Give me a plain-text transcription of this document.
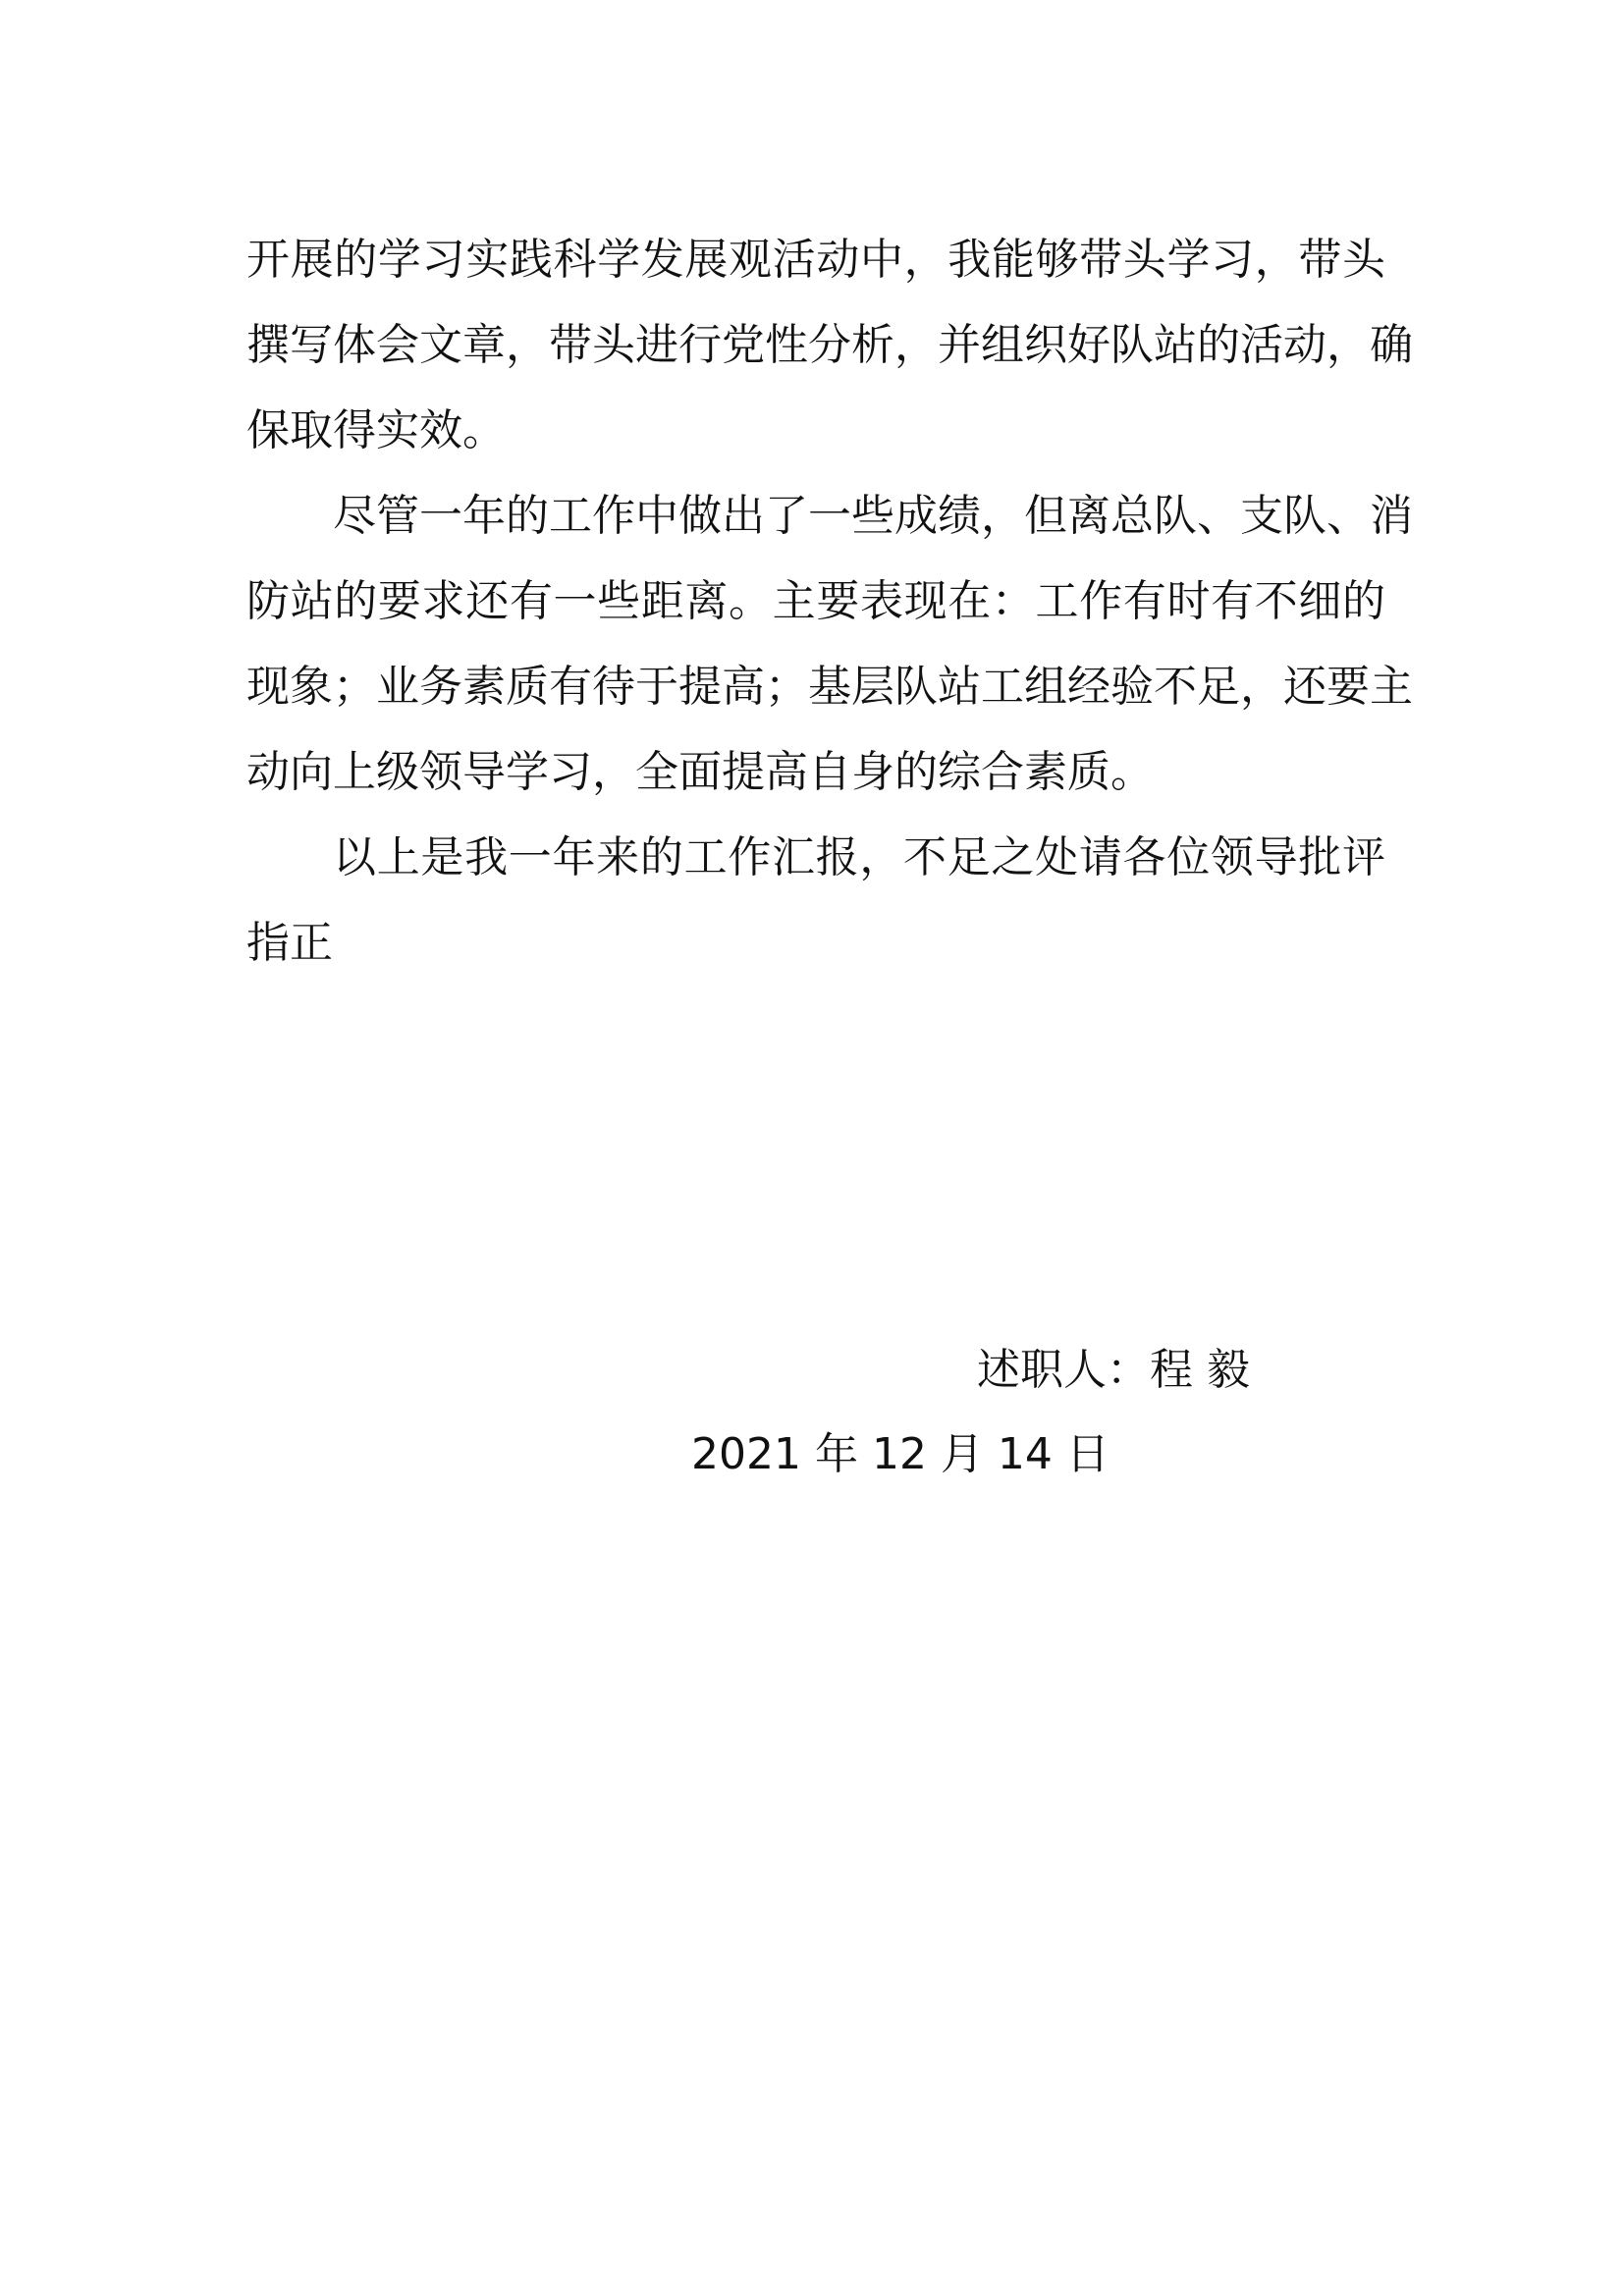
开展的学习实践科学发展观活动中，我能够带头学习，带头
撰写体会文章，带头进行党性分析，并组织好队站的活动，确
保取得实效。
尽管一年的工作中做出了一些成绩，但离总队、支队、消
防站的要求还有一些距离。主要表现在：工作有时有不细的
现象；业务素质有待于提高；基层队站工组经验不足，还要主
动向上级领导学习，全面提高自身的综合素质。
以上是我一年来的工作汇报，不足之处请各位领导批评
指正
述职人：程 毅
2021 年 12 月 14 日
